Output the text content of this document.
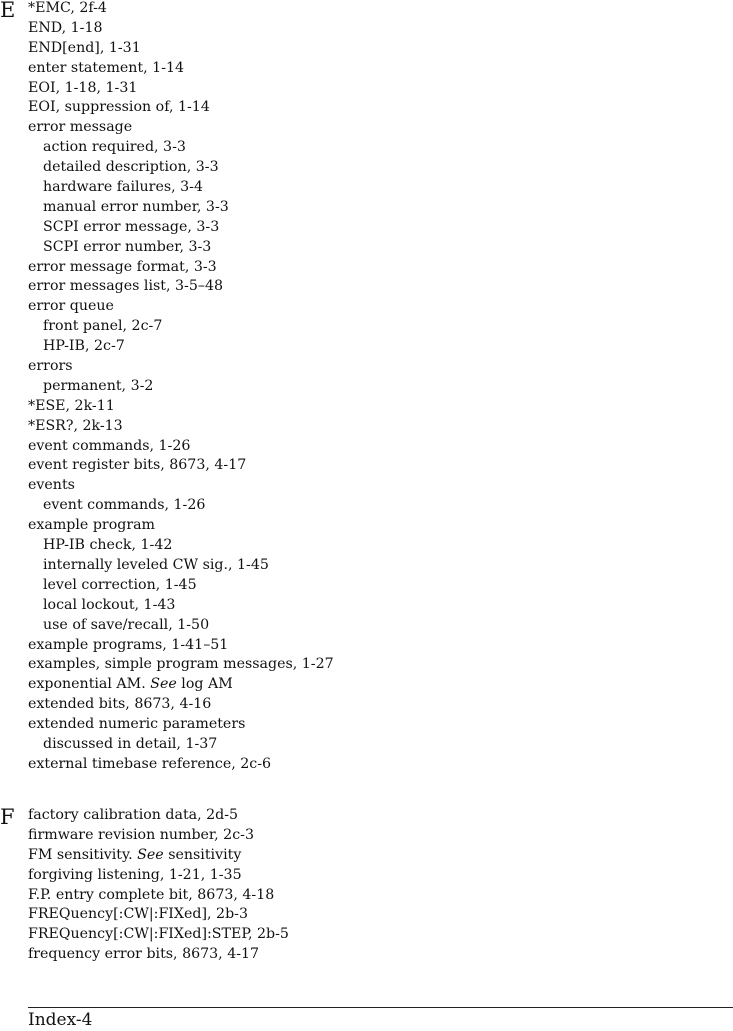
E *EMC, 2f-4
END, 1-18
END[end], 1-31
enter statement, 1-14
EOI, 1-18, 1-31
EOI, suppression of, 1-14
error message
action required, 3-3
detailed description, 3-3
hardware failures, 3-4
manual error number, 3-3
SCPI error message, 3-3
SCPI error number, 3-3
error message format, 3-3
error messages list, 3-5–48
error queue
front panel, 2c-7
HP-IB, 2c-7
errors
permanent, 3-2
*ESE, 2k-11
*ESR?, 2k-13
event commands, 1-26
event register bits, 8673, 4-17
events
event commands, 1-26
example program
HP-IB check, 1-42
internally leveled CW sig., 1-45
level correction, 1-45
local lockout, 1-43
use of save/recall, 1-50
example programs, 1-41–51
examples, simple program messages, 1-27
exponential AM. See log AM
extended bits, 8673, 4-16
extended numeric parameters
discussed in detail, 1-37
external timebase reference, 2c-6
F factory calibration data, 2d-5
firmware revision number, 2c-3
FM sensitivity. See sensitivity
forgiving listening, 1-21, 1-35
F.P. entry complete bit, 8673, 4-18
FREQuency[:CW|:FIXed], 2b-3
FREQuency[:CW|:FIXed]:STEP, 2b-5
frequency error bits, 8673, 4-17
Index-4
